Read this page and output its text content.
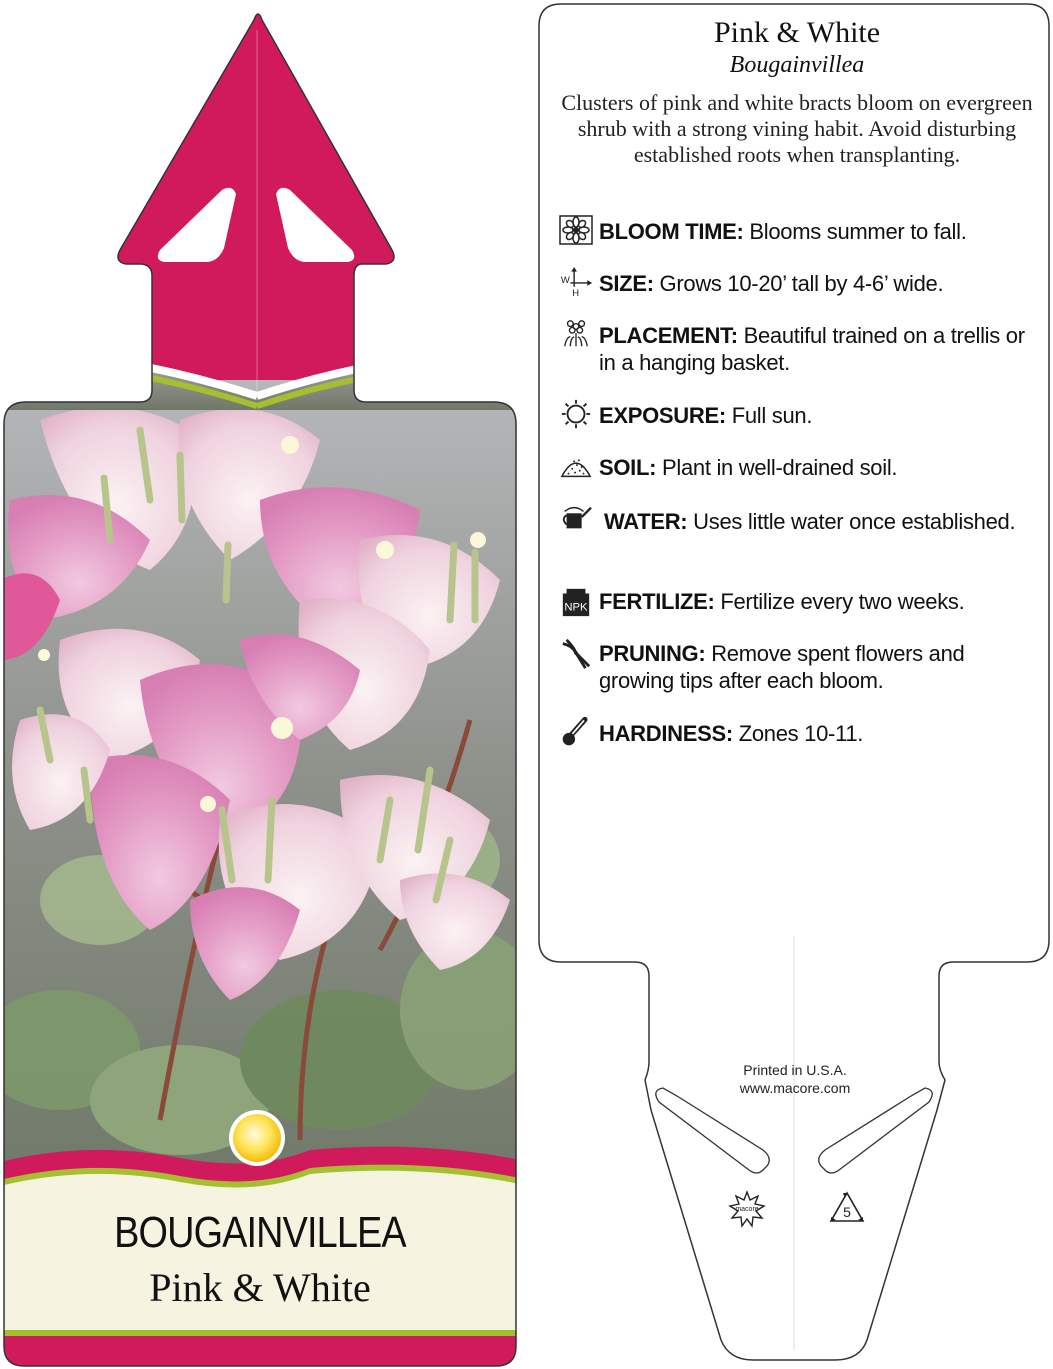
BOUGAINVILLEA
Pink & White
Pink & White
Bougainvillea
Clusters of pink and white bracts bloom on evergreen shrub with a strong vining habit. Avoid disturbing established roots when transplanting.
BLOOM TIME: Blooms summer to fall.
W
H SIZE: Grows 10-20’ tall by 4-6’ wide.
PLACEMENT: Beautiful trained on a trellis or in a hanging basket.
EXPOSURE: Full sun.
SOIL: Plant in well-drained soil.
WATER: Uses little water once established.
NPK FERTILIZE: Fertilize every two weeks.
PRUNING: Remove spent flowers and growing tips after each bloom.
HARDINESS: Zones 10-11.
Printed in U.S.A.
www.macore.com
macore	5
